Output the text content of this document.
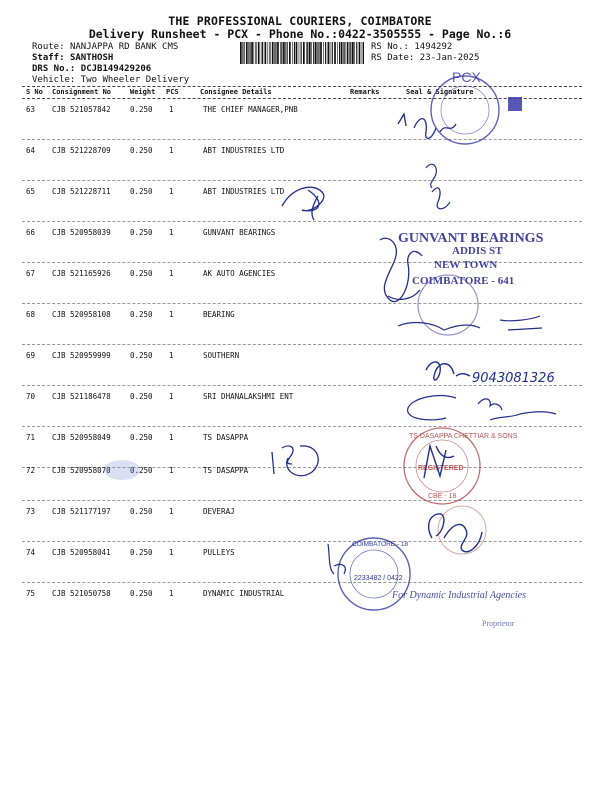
THE PROFESSIONAL COURIERS, COIMBATORE
Delivery Runsheet - PCX - Phone No.:0422-3505555 - Page No.:6
Route: NANJAPPA RD BANK CMS
Staff: SANTHOSH
DRS No.: DCJB149429206
Vehicle: Two Wheeler Delivery
RS No.: 1494292
RS Date: 23-Jan-2025
S No Consignment No	Weight PCS	Consignee Details	Remarks	Seal & Signature
63 CJB 521057842	0.250 1	THE CHIEF MANAGER,PNB
64 CJB 521228709	0.250 1	ABT INDUSTRIES LTD
65 CJB 521228711	0.250 1	ABT INDUSTRIES LTD
66 CJB 520958039	0.250 1	GUNVANT BEARINGS
67 CJB 521165926	0.250 1	AK AUTO AGENCIES
68 CJB 520958108	0.250 1	BEARING
69 CJB 520959999	0.250 1	SOUTHERN
70 CJB 521186478	0.250 1	SRI DHANALAKSHMI ENT
71 CJB 520958049	0.250 1	TS DASAPPA
72 CJB 520958070	0.250 1	TS DASAPPA
73 CJB 521177197	0.250 1	DEVERAJ
74 CJB 520958041	0.250 1	PULLEYS
75 CJB 521050758	0.250 1	DYNAMIC INDUSTRIAL
PCX
GUNVANT BEARINGS
ADDIS ST
NEW TOWN
COIMBATORE - 641
9043081326
TS DASAPPA CHETTIAR & SONS
REGISTERED
CBE - 18
2233482 / 0422
COIMBATORE - 18
For Dynamic Industrial Agencies
Proprietor
